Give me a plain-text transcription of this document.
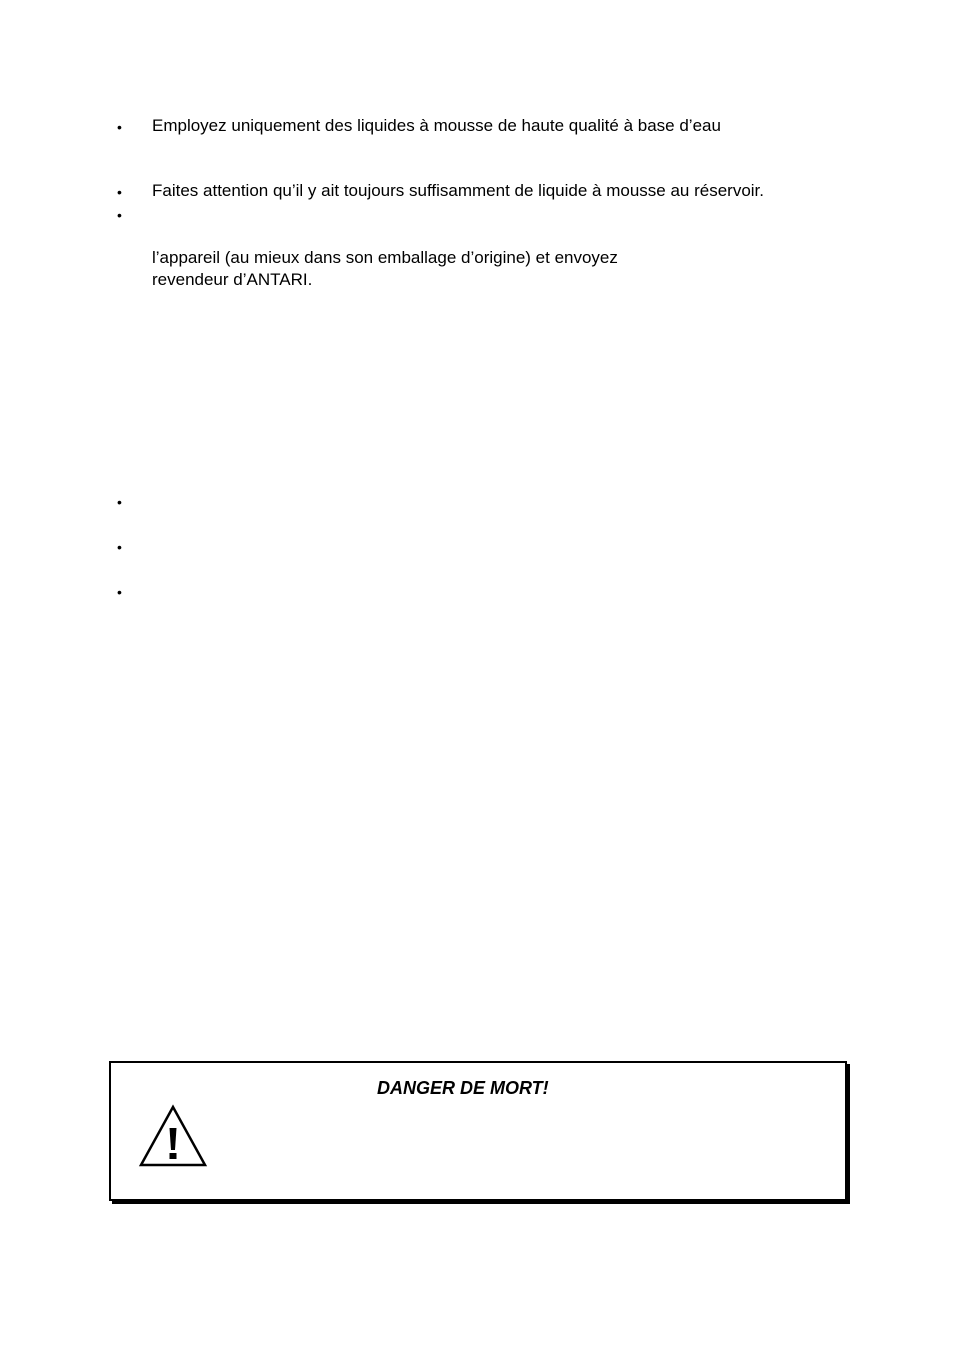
• Employez uniquement des liquides à mousse de haute qualité à base d’eau
• Faites attention qu’il y ait toujours suffisamment de liquide à mousse au réservoir.
•
l’appareil (au mieux dans son emballage d’origine) et envoyez
revendeur d’ANTARI.
•
•
•
DANGER DE MORT!
